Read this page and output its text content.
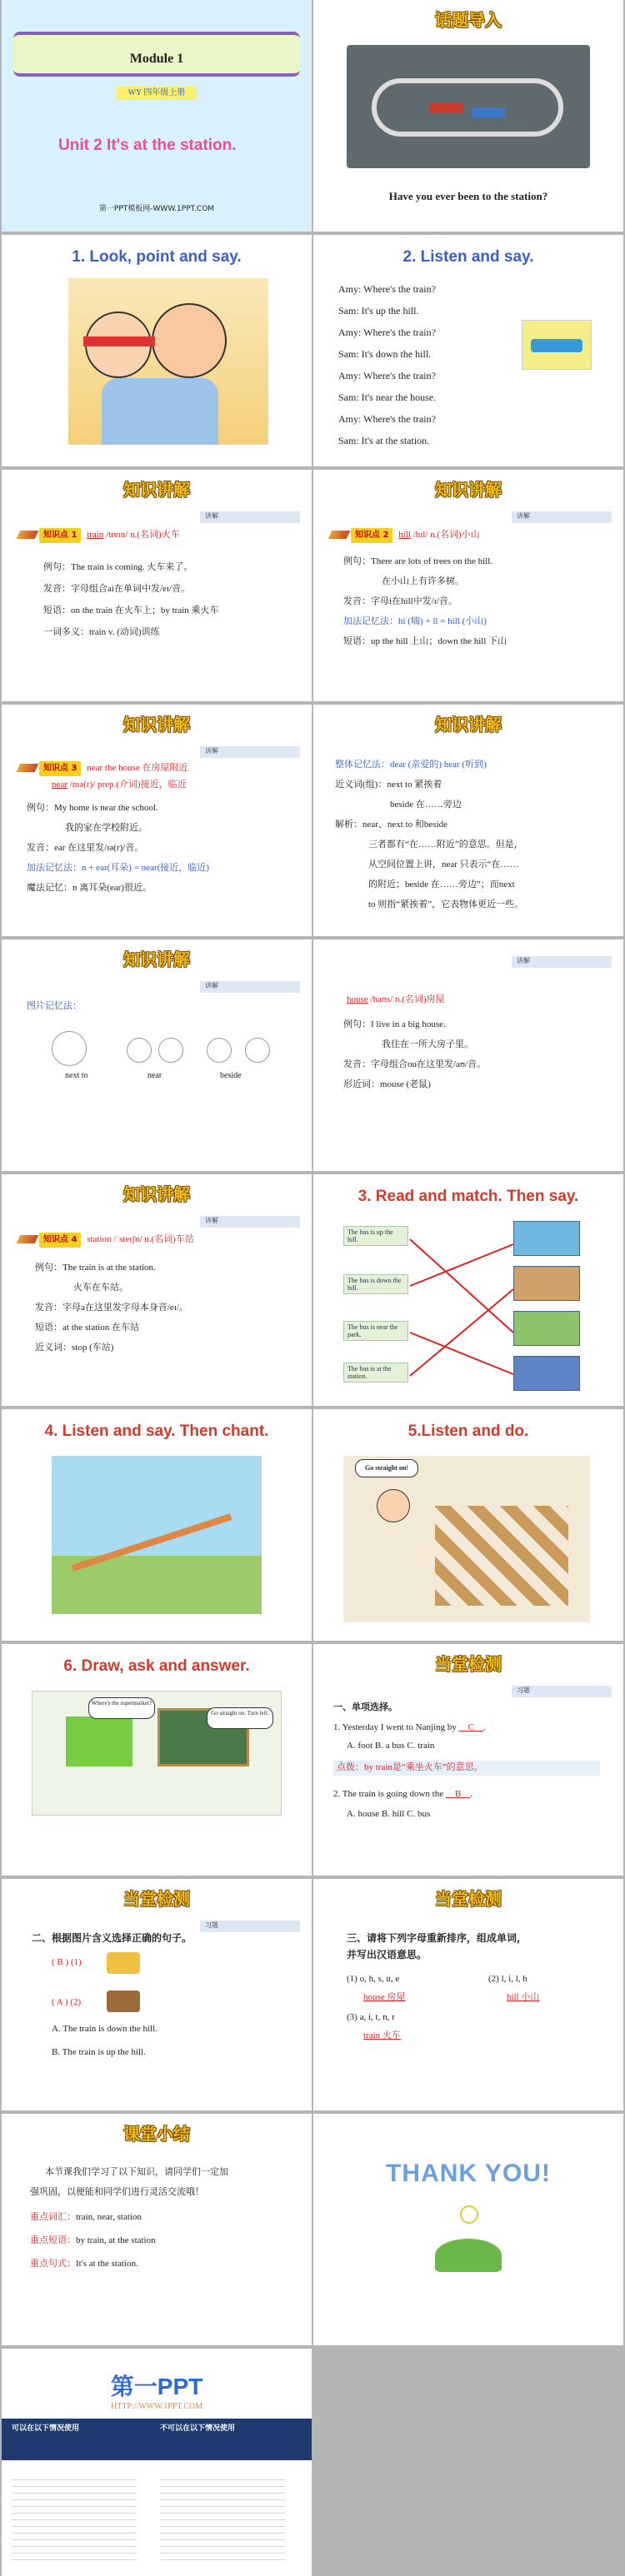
Module 1
WY 四年级上册
Unit 2 It's at the station.
第一PPT模板网-WWW.1PPT.COM
话题导入
Have you ever been to the station?
1. Look, point and say.	2. Listen and say.
Amy: Where's the train?
Sam: It's up the hill.
Amy: Where's the train?
Sam: It's down the hill.
Amy: Where's the train?
Sam: It's near the house.
Amy: Where's the train?
Sam: It's at the station.
知识讲解
讲解
知识点 1 train /treɪn/ n.(名词)火车
例句：The train is coming. 火车来了。
发音：字母组合ai在单词中发/eɪ/音。
短语：on the train 在火车上；by train 乘火车
一词多义：train v. (动词)训练
知识讲解
讲解
知识点 2 hill /hɪl/ n.(名词)小山
例句：There are lots of trees on the hill.
在小山上有许多树。
发音：字母i在hill中发/ɪ/音。
加法记忆法：hi (嗨) + ll = hill (小山)
短语：up the hill 上山；down the hill 下山
知识讲解
讲解
知识点 3 near the house 在房屋附近
near /nɪə(r)/ prep.(介词)接近，临近
例句：My home is near the school.
我的家在学校附近。
发音：ear 在这里发/ɪə(r)/音。
加法记忆法：n + ear(耳朵) = near(接近，临近)
魔法记忆：n 离耳朵(ear)很近。
知识讲解
整体记忆法：dear (亲爱的) hear (听到)
近义词(组)：next to 紧挨着
beside 在……旁边
解析：near、next to 和beside
三者都有“在……附近”的意思。但是，
从空间位置上讲，near 只表示“在……
的附近；beside 在……旁边”；而next
to 则指“紧挨着”，它表物体更近一些。
知识讲解
讲解
图片记忆法：
next to	near	beside
讲解
house /haʊs/ n.(名词)房屋
例句：I live in a big house.
我住在一所大房子里。
发音：字母组合ou在这里发/aʊ/音。
形近词：mouse (老鼠)
知识讲解
讲解
知识点 4 station /ˈsteɪʃn/ n.(名词)车站
例句：The train is at the station.
火车在车站。
发音：字母a在这里发字母本身音/eɪ/。
短语：at the station 在车站
近义词：stop (车站)
3. Read and match. Then say.
The bus is up the hill.
The bus is down the hill.
The bus is near the park.
The bus is at the station.
4. Listen and say. Then chant.	5.Listen and do.
Go straight on!
6. Draw, ask and answer.
Where's the supermarket?
Go straight on. Turn left.
当堂检测
习题
一、单项选择。
1. Yesterday I went to Nanjing by __C__.
A. foot B. a bus C. train
点拨：by train是“乘坐火车”的意思。
2. The train is going down the __B__.
A. house B. hill C. bus
当堂检测
习题
二、根据图片含义选择正确的句子。
( B ) (1)
( A ) (2)
A. The train is down the hill.
B. The train is up the hill.
当堂检测
三、请将下列字母重新排序，组成单词，
并写出汉语意思。
(1) o, h, s, u, e
house 房屋
(2) l, i, l, h
hill 小山
(3) a, i, t, n, r
train 火车
课堂小结
本节课我们学习了以下知识，请同学们一定加
强巩固，以便能和同学们进行灵活交流哦！
重点词汇：train, near, station
重点短语：by train, at the station
重点句式：It's at the station.
THANK YOU!
第一PPT
HTTP://WWW.1PPT.COM
可以在以下情况使用	不可以在以下情况使用
